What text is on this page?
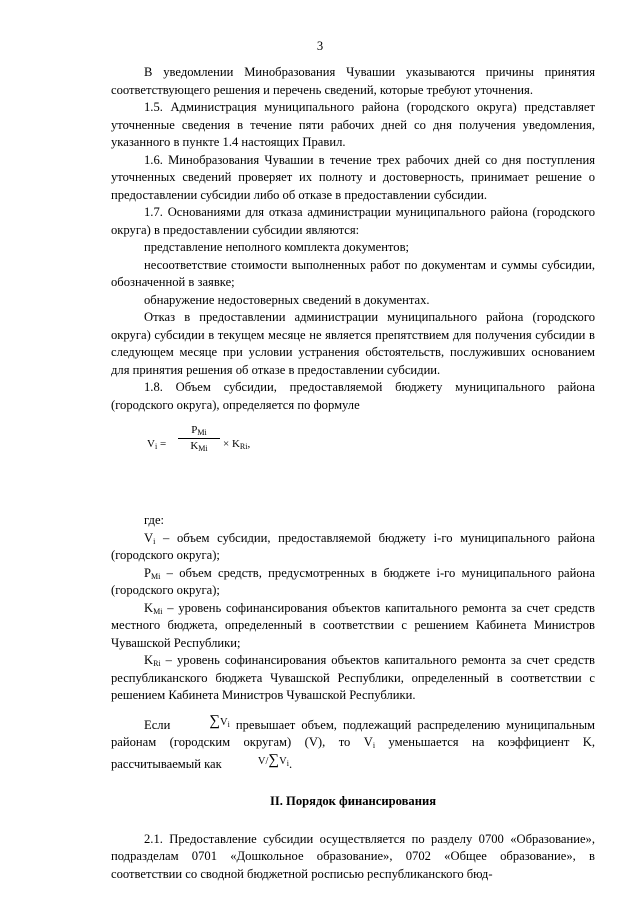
3

В уведомлении Минобразования Чувашии указываются причины принятия соответствующего решения и перечень сведений, которые требуют уточнения.

1.5. Администрация муниципального района (городского округа) представляет уточненные сведения в течение пяти рабочих дней со дня получения уведомления, указанного в пункте 1.4 настоящих Правил.

1.6. Минобразования Чувашии в течение трех рабочих дней со дня поступления уточненных сведений проверяет их полноту и достоверность, принимает решение о предоставлении субсидии либо об отказе в предоставлении субсидии.

1.7. Основаниями для отказа администрации муниципального района (городского округа) в предоставлении субсидии являются:

представление неполного комплекта документов;

несоответствие стоимости выполненных работ по документам и суммы субсидии, обозначенной в заявке;

обнаружение недостоверных сведений в документах.

Отказ в предоставлении администрации муниципального района (городского округа) субсидии в текущем месяце не является препятствием для получения субсидии в следующем месяце при условии устранения обстоятельств, послуживших основанием для принятия решения об отказе в предоставлении субсидии.

1.8. Объем субсидии, предоставляемой бюджету муниципального района (городского округа), определяется по формуле

$V_i$ =
$P_{Mi}$
$K_{Mi}$	× $K_{Ri}$,

где:

$V_i$ – объем субсидии, предоставляемой бюджету i-го муниципального района (городского округа);

$P_{Mi}$ – объем средств, предусмотренных в бюджете i-го муниципального района (городского округа);

$K_{Mi}$ – уровень софинансирования объектов капитального ремонта за счет средств местного бюджета, определенный в соответствии с решением Кабинета Министров Чувашской Республики;

$K_{Ri}$ – уровень софинансирования объектов капитального ремонта за счет средств республиканского бюджета Чувашской Республики, определенный в соответствии с решением Кабинета Министров Чувашской Республики.

Если $\sum V_i$ превышает объем, подлежащий распределению муниципальным районам (городским округам) (V), то $V_i$ уменьшается на коэффициент K, рассчитываемый как	$V/\sum V_i$.

II. Порядок финансирования

2.1. Предоставление субсидии осуществляется по разделу 0700 «Образование», подразделам 0701 «Дошкольное образование», 0702 «Общее образование», в соответствии со сводной бюджетной росписью республиканского бюд-
